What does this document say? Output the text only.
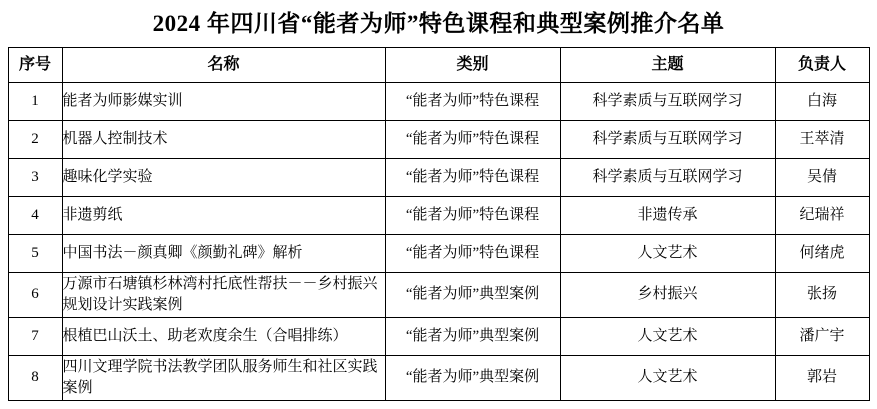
2024 年四川省“能者为师”特色课程和典型案例推介名单
序号	名称	类别	主题	负责人
1	能者为师影媒实训	“能者为师”特色课程	科学素质与互联网学习	白海
2	机器人控制技术	“能者为师”特色课程	科学素质与互联网学习	王萃清
3	趣味化学实验	“能者为师”特色课程	科学素质与互联网学习	吴倩
4	非遗剪纸	“能者为师”特色课程	非遗传承	纪瑞祥
5	中国书法－颜真卿《颜勤礼碑》解析	“能者为师”特色课程	人文艺术	何绪虎
6	万源市石塘镇杉林湾村托底性帮扶－－乡村振兴规划设计实践案例	“能者为师”典型案例	乡村振兴	张扬
7	根植巴山沃土、助老欢度余生（合唱排练）	“能者为师”典型案例	人文艺术	潘广宇
8	四川文理学院书法教学团队服务师生和社区实践案例	“能者为师”典型案例	人文艺术	郭岩
